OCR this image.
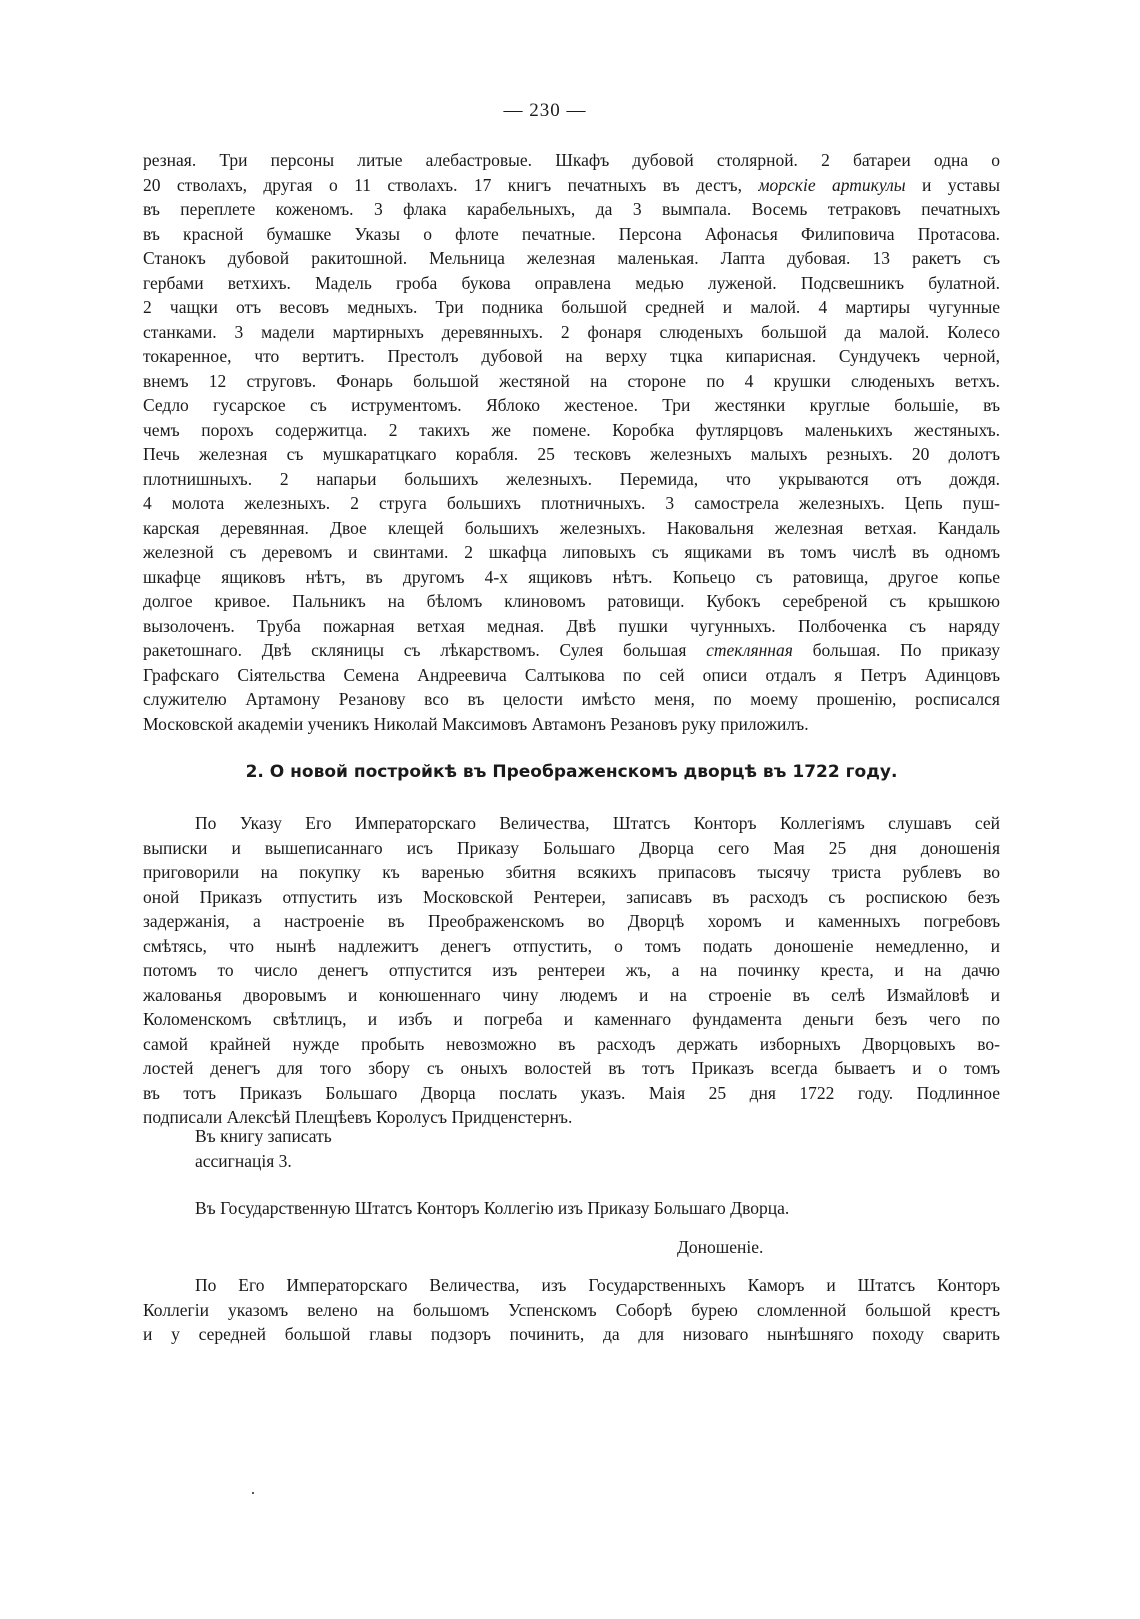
— 230 —
резная. Три персоны литые алебастровые. Шкафъ дубовой столярной. 2 батареи одна о
20 стволахъ, другая о 11 стволахъ. 17 книгъ печатныхъ въ дестъ, морскіе артикулы и уставы
въ переплете коженомъ. 3 флака карабельныхъ, да 3 вымпала. Восемь тетраковъ печатныхъ
въ красной бумашке Указы о флоте печатные. Персона Афонасья Филиповича Протасова.
Станокъ дубовой ракитошной. Мельница железная маленькая. Лапта дубовая. 13 ракетъ съ
гербами ветхихъ. Мадель гроба букова оправлена медью луженой. Подсвешникъ булатной.
2 чащки отъ весовъ медныхъ. Три подника большой средней и малой. 4 мартиры чугунные
станками. 3 мадели мартирныхъ деревянныхъ. 2 фонаря слюденыхъ большой да малой. Колесо
токаренное, что вертитъ. Престолъ дубовой на верху тцка кипарисная. Сундучекъ черной,
внемъ 12 струговъ. Фонарь большой жестяной на стороне по 4 крушки слюденыхъ ветхъ.
Седло гусарское съ иструментомъ. Яблоко жестеное. Три жестянки круглые большіе, въ
чемъ порохъ содержитца. 2 такихъ же помене. Коробка футлярцовъ маленькихъ жестяныхъ.
Печь железная съ мушкаратцкаго корабля. 25 тесковъ железныхъ малыхъ резныхъ. 20 долотъ
плотнишныхъ. 2 напарьи большихъ железныхъ. Перемида, что укрываются отъ дождя.
4 молота железныхъ. 2 струга большихъ плотничныхъ. 3 самострела железныхъ. Цепь пуш-
карская деревянная. Двое клещей большихъ железныхъ. Наковальня железная ветхая. Кандаль
железной съ деревомъ и свинтами. 2 шкафца липовыхъ съ ящиками въ томъ числѣ въ одномъ
шкафце ящиковъ нѣтъ, въ другомъ 4-х ящиковъ нѣтъ. Копьецо съ ратовища, другое копье
долгое кривое. Пальникъ на бѣломъ клиновомъ ратовищи. Кубокъ серебреной съ крышкою
вызолоченъ. Труба пожарная ветхая медная. Двѣ пушки чугунныхъ. Полбоченка съ наряду
ракетошнаго. Двѣ скляницы съ лѣкарствомъ. Сулея большая стеклянная большая. По приказу
Графскаго Сіятельства Семена Андреевича Салтыкова по сей описи отдалъ я Петръ Адинцовъ
служителю Артамону Резанову всо въ целости имѣсто меня, по моему прошенію, росписался
Московской академіи ученикъ Николай Максимовъ Автамонъ Резановъ руку приложилъ.
2. О новой постройкѣ въ Преображенскомъ дворцѣ въ 1722 году.
По Указу Его Императорскаго Величества, Штатсъ Конторъ Коллегіямъ слушавъ сей
выписки и вышеписаннаго исъ Приказу Большаго Дворца сего Мая 25 дня доношенія
приговорили на покупку къ варенью збитня всякихъ припасовъ тысячу триста рублевъ во
оной Приказъ отпустить изъ Московской Рентереи, записавъ въ расходъ съ роспискою безъ
задержанія, а настроеніе въ Преображенскомъ во Дворцѣ хоромъ и каменныхъ погребовъ
смѣтясь, что нынѣ надлежитъ денегъ отпустить, о томъ подать доношеніе немедленно, и
потомъ то число денегъ отпустится изъ рентереи жъ, а на починку креста, и на дачю
жалованья дворовымъ и конюшеннаго чину людемъ и на строеніе въ селѣ Измайловѣ и
Коломенскомъ свѣтлицъ, и избъ и погреба и каменнаго фундамента деньги безъ чего по
самой крайней нужде пробыть невозможно въ расходъ держать изборныхъ Дворцовыхъ во-
лостей денегъ для того збору съ оныхъ волостей въ тотъ Приказъ всегда бываетъ и о томъ
въ тотъ Приказъ Большаго Дворца послать указъ. Маія 25 дня 1722 году. Подлинное
подписали Алексѣй Плещѣевъ Королусъ Придценстернъ.
Въ книгу записать
ассигнація 3.
Въ Государственную Штатсъ Конторъ Коллегію изъ Приказу Большаго Дворца.
Доношеніе.
По Его Императорскаго Величества, изъ Государственныхъ Каморъ и Штатсъ Конторъ
Коллегіи указомъ велено на большомъ Успенскомъ Соборѣ бурею сломленной большой крестъ
и у середней большой главы подзоръ починить, да для низоваго нынѣшняго походу сварить
